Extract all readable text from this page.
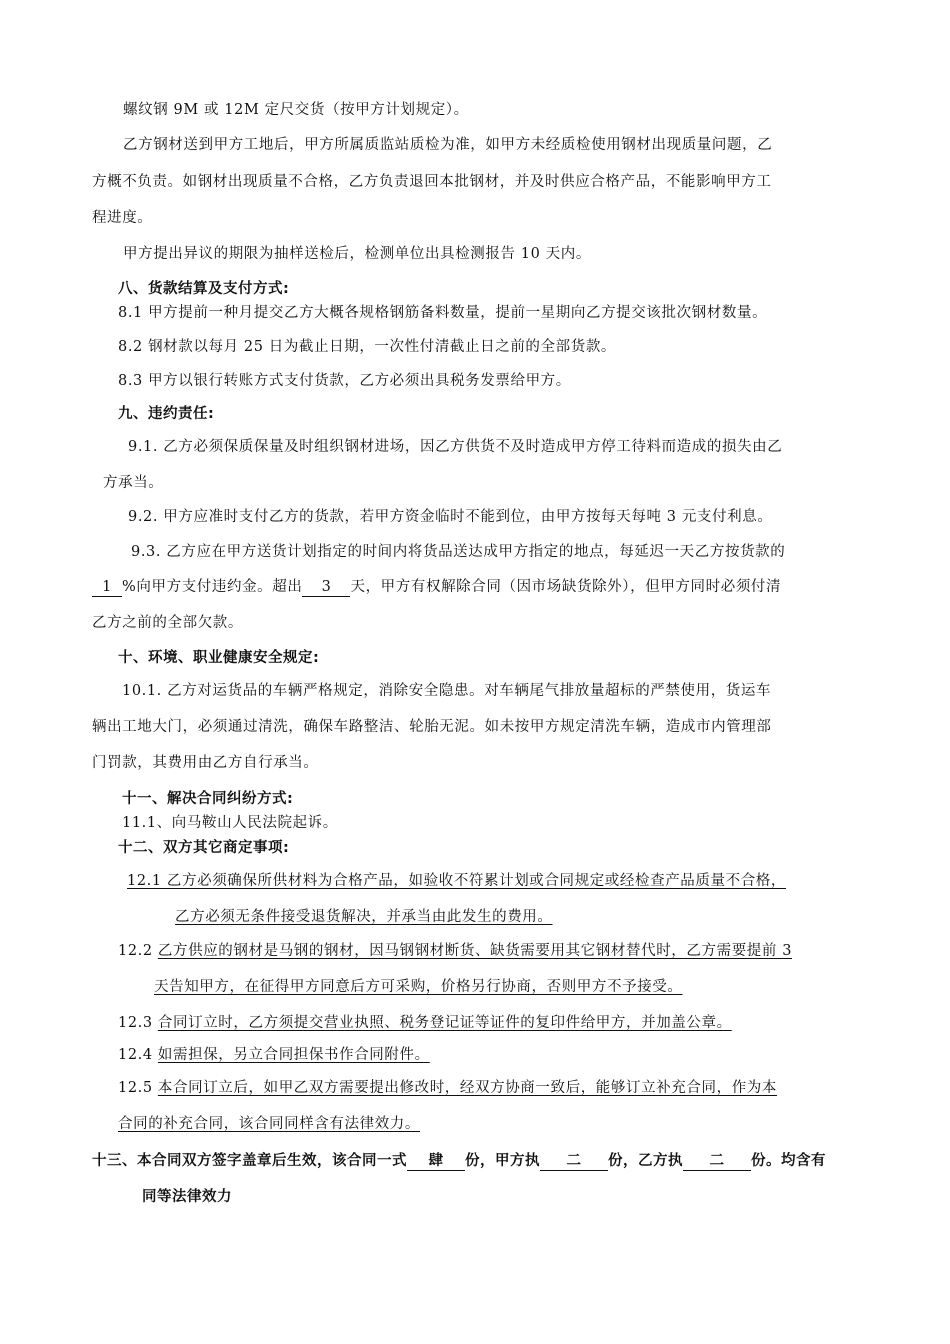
螺纹钢 9M 或 12M 定尺交货（按甲方计划规定）。
乙方钢材送到甲方工地后，甲方所属质监站质检为准，如甲方未经质检使用钢材出现质量问题，乙
方概不负责。如钢材出现质量不合格，乙方负责退回本批钢材，并及时供应合格产品，不能影响甲方工
程进度。
甲方提出异议的期限为抽样送检后，检测单位出具检测报告 10 天内。
八、货款结算及支付方式:
8.1 甲方提前一种月提交乙方大概各规格钢筋备料数量，提前一星期向乙方提交该批次钢材数量。
8.2 钢材款以每月 25 日为截止日期，一次性付清截止日之前的全部货款。
8.3 甲方以银行转账方式支付货款，乙方必须出具税务发票给甲方。
九、违约责任:
9.1. 乙方必须保质保量及时组织钢材进场，因乙方供货不及时造成甲方停工待料而造成的损失由乙
方承当。
9.2. 甲方应准时支付乙方的货款，若甲方资金临时不能到位，由甲方按每天每吨 3 元支付利息。
9.3. 乙方应在甲方送货计划指定的时间内将货品送达成甲方指定的地点，每延迟一天乙方按货款的
1 %向甲方支付违约金。超出 3 天，甲方有权解除合同（因市场缺货除外），但甲方同时必须付清
乙方之前的全部欠款。
十、环境、职业健康安全规定:
10.1. 乙方对运货品的车辆严格规定，消除安全隐患。对车辆尾气排放量超标的严禁使用，货运车
辆出工地大门，必须通过清洗，确保车路整洁、轮胎无泥。如未按甲方规定清洗车辆，造成市内管理部
门罚款，其费用由乙方自行承当。
十一、解决合同纠纷方式:
11.1、向马鞍山人民法院起诉。
十二、双方其它商定事项:
12.1 乙方必须确保所供材料为合格产品，如验收不符累计划或合同规定或经检查产品质量不合格，
乙方必须无条件接受退货解决，并承当由此发生的费用。
12.2 乙方供应的钢材是马钢的钢材，因马钢钢材断货、缺货需要用其它钢材替代时，乙方需要提前 3
天告知甲方，在征得甲方同意后方可采购，价格另行协商，否则甲方不予接受。
12.3 合同订立时，乙方须提交营业执照、税务登记证等证件的复印件给甲方，并加盖公章。
12.4 如需担保，另立合同担保书作合同附件。
12.5 本合同订立后，如甲乙双方需要提出修改时，经双方协商一致后，能够订立补充合同，作为本
合同的补充合同，该合同同样含有法律效力。
十三、本合同双方签字盖章后生效，该合同一式 肆 份，甲方执 二 份，乙方执 二 份。均含有
同等法律效力
